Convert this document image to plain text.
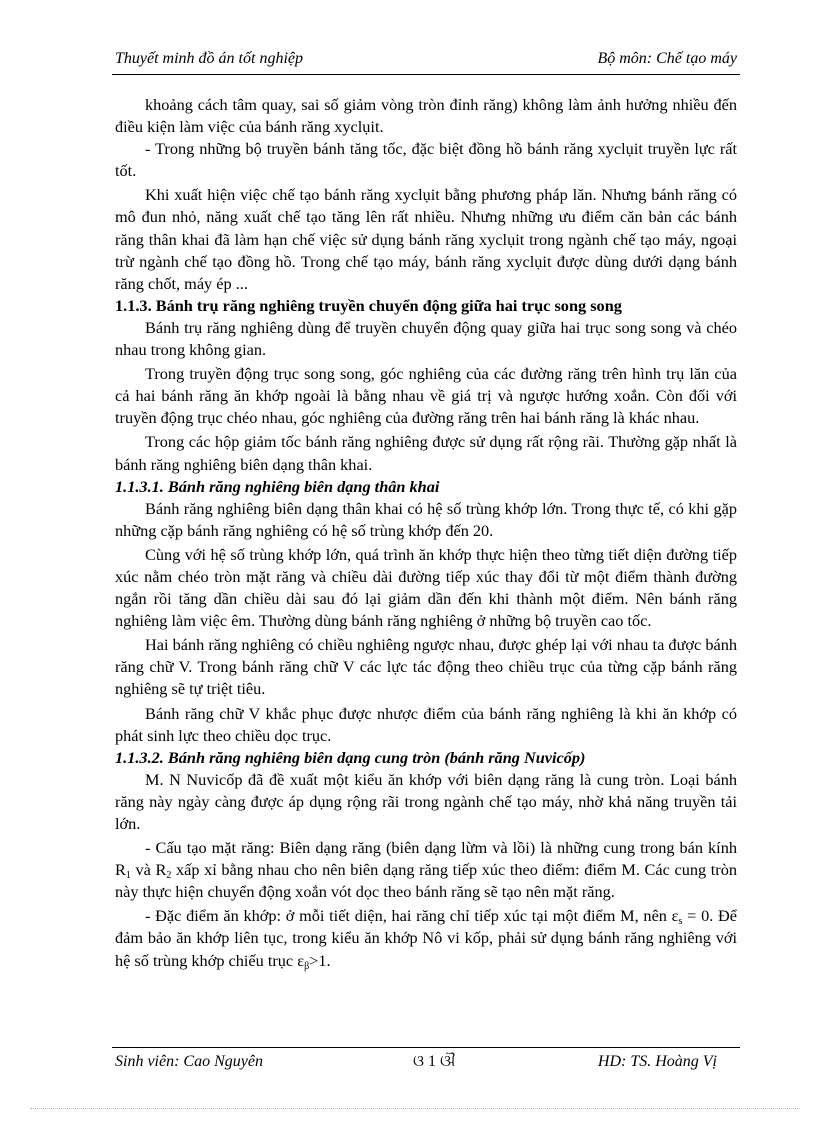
Thuyết minh đồ án tốt nghiệp	Bộ môn: Chế tạo máy

khoảng cách tâm quay, sai số giảm vòng tròn đỉnh răng) không làm ảnh hưởng nhiều đến điều kiện làm việc của bánh răng xyclụit.

- Trong những bộ truyền bánh tăng tốc, đặc biệt đồng hồ bánh răng xyclụit truyền lực rất tốt.

Khi xuất hiện việc chế tạo bánh răng xyclụit bằng phương pháp lăn. Nhưng bánh răng có mô đun nhỏ, năng xuất chế tạo tăng lên rất nhiều. Nhưng những ưu điểm căn bản các bánh răng thân khai đã làm hạn chế việc sử dụng bánh răng xyclụit trong ngành chế tạo máy, ngoại trừ ngành chế tạo đồng hồ. Trong chế tạo máy, bánh răng xyclụit được dùng dưới dạng bánh răng chốt, máy ép ...

1.1.3. Bánh trụ răng nghiêng truyền chuyển động giữa hai trục song song

Bánh trụ răng nghiêng dùng để truyền chuyển động quay giữa hai trục song song và chéo nhau trong không gian.

Trong truyền động trục song song, góc nghiêng của các đường răng trên hình trụ lăn của cả hai bánh răng ăn khớp ngoài là bằng nhau về giá trị và ngược hướng xoắn. Còn đối với truyền động trục chéo nhau, góc nghiêng của đường răng trên hai bánh răng là khác nhau.

Trong các hộp giảm tốc bánh răng nghiêng được sử dụng rất rộng rãi. Thường gặp nhất là bánh răng nghiêng biên dạng thân khai.

1.1.3.1. Bánh răng nghiêng biên dạng thân khai

Bánh răng nghiêng biên dạng thân khai có hệ số trùng khớp lớn. Trong thực tế, có khi gặp những cặp bánh răng nghiêng có hệ số trùng khớp đến 20.

Cùng với hệ số trùng khớp lớn, quá trình ăn khớp thực hiện theo từng tiết diện đường tiếp xúc nằm chéo tròn mặt răng và chiều dài đường tiếp xúc thay đổi từ một điểm thành đường ngắn rồi tăng dần chiều dài sau đó lại giảm dần đến khi thành một điểm. Nên bánh răng nghiêng làm việc êm. Thường dùng bánh răng nghiêng ở những bộ truyền cao tốc.

Hai bánh răng nghiêng có chiều nghiêng ngược nhau, được ghép lại với nhau ta được bánh răng chữ V. Trong bánh răng chữ V các lực tác động theo chiều trục của từng cặp bánh răng nghiêng sẽ tự triệt tiêu.

Bánh răng chữ V khắc phục được nhược điểm của bánh răng nghiêng là khi ăn khớp có phát sinh lực theo chiều dọc trục.

1.1.3.2. Bánh răng nghiêng biên dạng cung tròn (bánh răng Nuvicốp)

M. N Nuvicốp đã đề xuất một kiểu ăn khớp với biên dạng răng là cung tròn. Loại bánh răng này ngày càng được áp dụng rộng rãi trong ngành chế tạo máy, nhờ khả năng truyền tải lớn.

- Cấu tạo mặt răng: Biên dạng răng (biên dạng lừm và lồi) là những cung trong bán kính $R_1$ và $R_2$ xấp xỉ bằng nhau cho nên biên dạng răng tiếp xúc theo điểm: điểm M. Các cung tròn này thực hiện chuyển động xoắn vót dọc theo bánh răng sẽ tạo nên mặt răng.

- Đặc điểm ăn khớp: ở mỗi tiết diện, hai răng chỉ tiếp xúc tại một điểm M, nên $\varepsilon_s = 0$. Để đảm bảo ăn khớp liên tục, trong kiểu ăn khớp Nô vi kốp, phải sử dụng bánh răng nghiêng với hệ số trùng khớp chiếu trục $\varepsilon_\beta>1$.

Sinh viên: Cao Nguyên	ଓ 1 ଔ	HD: TS. Hoàng Vị
